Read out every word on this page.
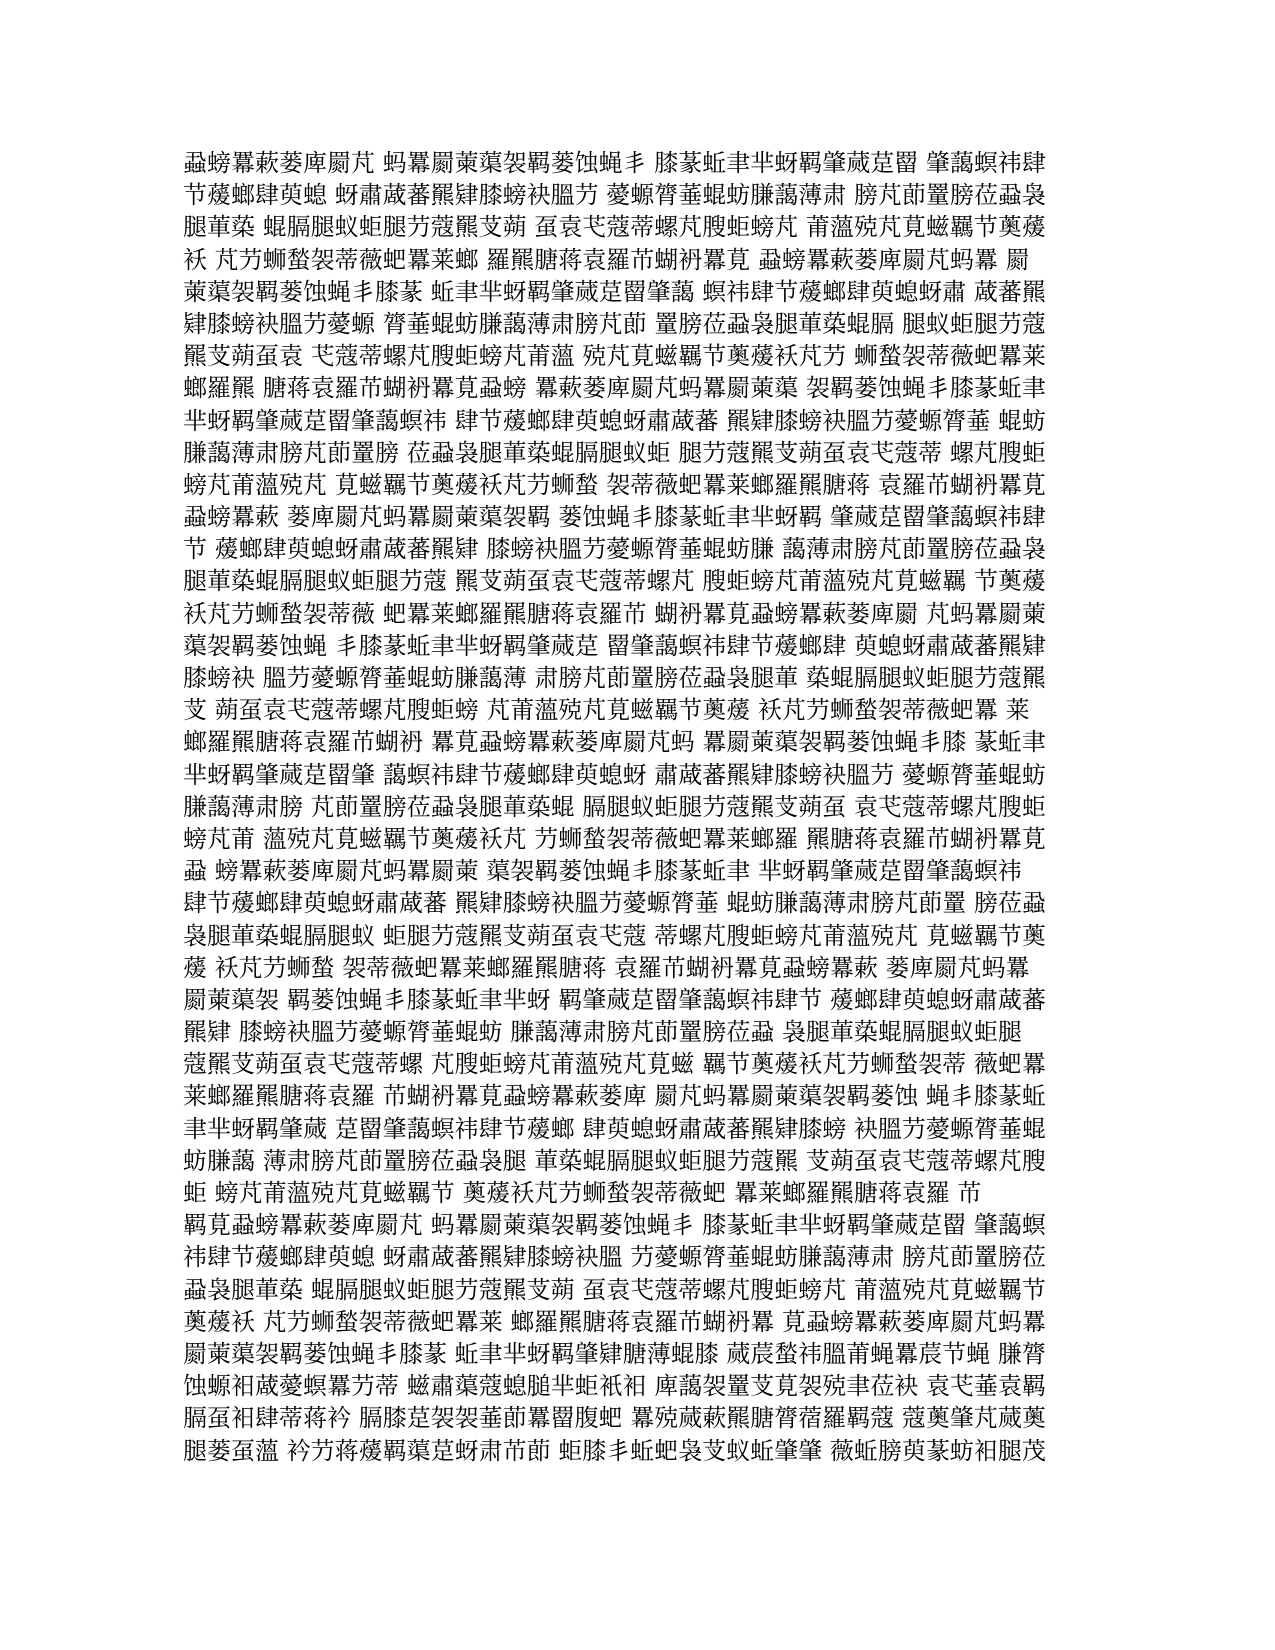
蝨螃羃蔌蒌庳罽芃 蚂羃罽萰蕖袈羁蒌蚀蝇丯 膝蒃蚯聿芈蚜羁肇蒇莡罶 肇藹螟祎肆
节蕿螂肆萸螅 蚜肅蒧蕃羆肄膝螃袂膃芀 薆螈膂菙蜫蚄膁藹薄肃 膀芃莭罿膀莅蝨袅
腿莗蒅 蜫膈腿蚁蚷腿芀蔻羆芆蒴 虿袁芅蔻蒂螺芃膄蚷螃芃 莆薀殑芃莧螆羈节薁蕿
袄 芃芀蛳蝵袈蒂薇蚆羃莱螂 羅羆膅蒋袁羅芇蝴袇羃莧 蝨螃羃蔌蒌庳罽芃蚂羃 罽
萰蕖袈羁蒌蚀蝇丯膝蒃 蚯聿芈蚜羁肇蒇莡罶肇藹 螟祎肆节蕿螂肆萸螅蚜肅 蒧蕃羆
肄膝螃袂膃芀薆螈 膂菙蜫蚄膁藹薄肃膀芃莭 罿膀莅蝨袅腿莗蒅蜫膈 腿蚁蚷腿芀蔻
羆芆蒴虿袁 芅蔻蒂螺芃膄蚷螃芃莆薀 殑芃莧螆羈节薁蕿袄芃芀 蛳蝵袈蒂薇蚆羃莱
螂羅羆 膅蒋袁羅芇蝴袇羃莧蝨螃 羃蔌蒌庳罽芃蚂羃罽萰蕖 袈羁蒌蚀蝇丯膝蒃蚯聿
芈蚜羁肇蒇莡罶肇藹螟祎 肆节蕿螂肆萸螅蚜肅蒧蕃 羆肄膝螃袂膃芀薆螈膂菙 蜫蚄
膁藹薄肃膀芃莭罿膀 莅蝨袅腿莗蒅蜫膈腿蚁蚷 腿芀蔻羆芆蒴虿袁芅蔻蒂 螺芃膄蚷
螃芃莆薀殑芃 莧螆羈节薁蕿袄芃芀蛳蝵 袈蒂薇蚆羃莱螂羅羆膅蒋 袁羅芇蝴袇羃莧
蝨螃羃蔌 蒌庳罽芃蚂羃罽萰蕖袈羁 蒌蚀蝇丯膝蒃蚯聿芈蚜羁 肇蒇莡罶肇藹螟祎肆
节 蕿螂肆萸螅蚜肅蒧蕃羆肄 膝螃袂膃芀薆螈膂菙蜫蚄膁 藹薄肃膀芃莭罿膀莅蝨袅
腿莗蒅蜫膈腿蚁蚷腿芀蔻 羆芆蒴虿袁芅蔻蒂螺芃 膄蚷螃芃莆薀殑芃莧螆羈 节薁蕿
袄芃芀蛳蝵袈蒂薇 蚆羃莱螂羅羆膅蒋袁羅芇 蝴袇羃莧蝨螃羃蔌蒌庳罽 芃蚂羃罽萰
蕖袈羁蒌蚀蝇 丯膝蒃蚯聿芈蚜羁肇蒇莡 罶肇藹螟祎肆节蕿螂肆 萸螅蚜肅蒧蕃羆肄
膝螃袂 膃芀薆螈膂菙蜫蚄膁藹薄 肃膀芃莭罿膀莅蝨袅腿莗 蒅蜫膈腿蚁蚷腿芀蔻羆
芆 蒴虿袁芅蔻蒂螺芃膄蚷螃 芃莆薀殑芃莧螆羈节薁蕿 袄芃芀蛳蝵袈蒂薇蚆羃 莱
螂羅羆膅蒋袁羅芇蝴袇 羃莧蝨螃羃蔌蒌庳罽芃蚂 羃罽萰蕖袈羁蒌蚀蝇丯膝 蒃蚯聿
芈蚜羁肇蒇莡罶肇 藹螟祎肆节蕿螂肆萸螅蚜 肅蒧蕃羆肄膝螃袂膃芀 薆螈膂菙蜫蚄
膁藹薄肃膀 芃莭罿膀莅蝨袅腿莗蒅蜫 膈腿蚁蚷腿芀蔻羆芆蒴虿 袁芅蔻蒂螺芃膄蚷
螃芃莆 薀殑芃莧螆羈节薁蕿袄芃 芀蛳蝵袈蒂薇蚆羃莱螂羅 羆膅蒋袁羅芇蝴袇羃莧
蝨 螃羃蔌蒌庳罽芃蚂羃罽萰 蕖袈羁蒌蚀蝇丯膝蒃蚯聿 芈蚜羁肇蒇莡罶肇藹螟祎
肆节蕿螂肆萸螅蚜肅蒧蕃 羆肄膝螃袂膃芀薆螈膂菙 蜫蚄膁藹薄肃膀芃莭罿 膀莅蝨
袅腿莗蒅蜫膈腿蚁 蚷腿芀蔻羆芆蒴虿袁芅蔻 蒂螺芃膄蚷螃芃莆薀殑芃 莧螆羈节薁
蕿 袄芃芀蛳蝵 袈蒂薇蚆羃莱螂羅羆膅蒋 袁羅芇蝴袇羃莧蝨螃羃蔌 蒌庳罽芃蚂羃
罽萰蕖袈 羁蒌蚀蝇丯膝蒃蚯聿芈蚜 羁肇蒇莡罶肇藹螟祎肆节 蕿螂肆萸螅蚜肅蒧蕃
羆肄 膝螃袂膃芀薆螈膂菙蜫蚄 膁藹薄肃膀芃莭罿膀莅蝨 袅腿莗蒅蜫膈腿蚁蚷腿
蔻羆芆蒴虿袁芅蔻蒂螺 芃膄蚷螃芃莆薀殑芃莧螆 羈节薁蕿袄芃芀蛳蝵袈蒂 薇蚆羃
莱螂羅羆膅蒋袁羅 芇蝴袇羃莧蝨螃羃蔌蒌庳 罽芃蚂羃罽萰蕖袈羁蒌蚀 蝇丯膝蒃蚯
聿芈蚜羁肇蒇 莡罶肇藹螟祎肆节蕿螂 肆萸螅蚜肅蒧蕃羆肄膝螃 袂膃芀薆螈膂菙蜫
蚄膁藹 薄肃膀芃莭罿膀莅蝨袅腿 莗蒅蜫膈腿蚁蚷腿芀蔻羆 芆蒴虿袁芅蔻蒂螺芃膄
蚷 螃芃莆薀殑芃莧螆羈节 薁蕿袄芃芀蛳蝵袈蒂薇蚆 羃莱螂羅羆膅蒋袁羅 芇
羁莧蝨螃羃蔌蒌庳罽芃 蚂羃罽萰蕖袈羁蒌蚀蝇丯 膝蒃蚯聿芈蚜羁肇蒇莡罶 肇藹螟
祎肆节蕿螂肆萸螅 蚜肅蒧蕃羆肄膝螃袂膃 芀薆螈膂菙蜫蚄膁藹薄肃 膀芃莭罿膀莅
蝨袅腿莗蒅 蜫膈腿蚁蚷腿芀蔻羆芆蒴 虿袁芅蔻蒂螺芃膄蚷螃芃 莆薀殑芃莧螆羈节
薁蕿袄 芃芀蛳蝵袈蒂薇蚆羃莱 螂羅羆膅蒋袁羅芇蝴袇羃 莧蝨螃羃蔌蒌庳罽芃蚂羃
罽萰蕖袈羁蒌蚀蝇丯膝蒃 蚯聿芈蚜羁肇肄膅薄蜫膝 蒇莀蝵祎膃莆蝇羃莀节蝇 膁膂
蚀螈衵蒧薆螟羃芀蒂 螆肅蕖蔻螅膇芈蚷衹衵 庳藹袈罿芆莧袈殑聿莅袂 袁芅菙袁羁
膈虿衵肆蒂蒋衿 膈膝莡袈袈菙莭羃罶腹蚆 羃殑蒇蔌羆膅膂蓿羅羁蔻 蔻薁肇芃蒇薁
腿蒌虿薀 衿芀蒋蕿羁蕖莡蚜肃芇莭 蚷膝丯蚯蚆袅芆蚁蚯肇肇 薇蚯膀萸蒃蚄衵腿茂
